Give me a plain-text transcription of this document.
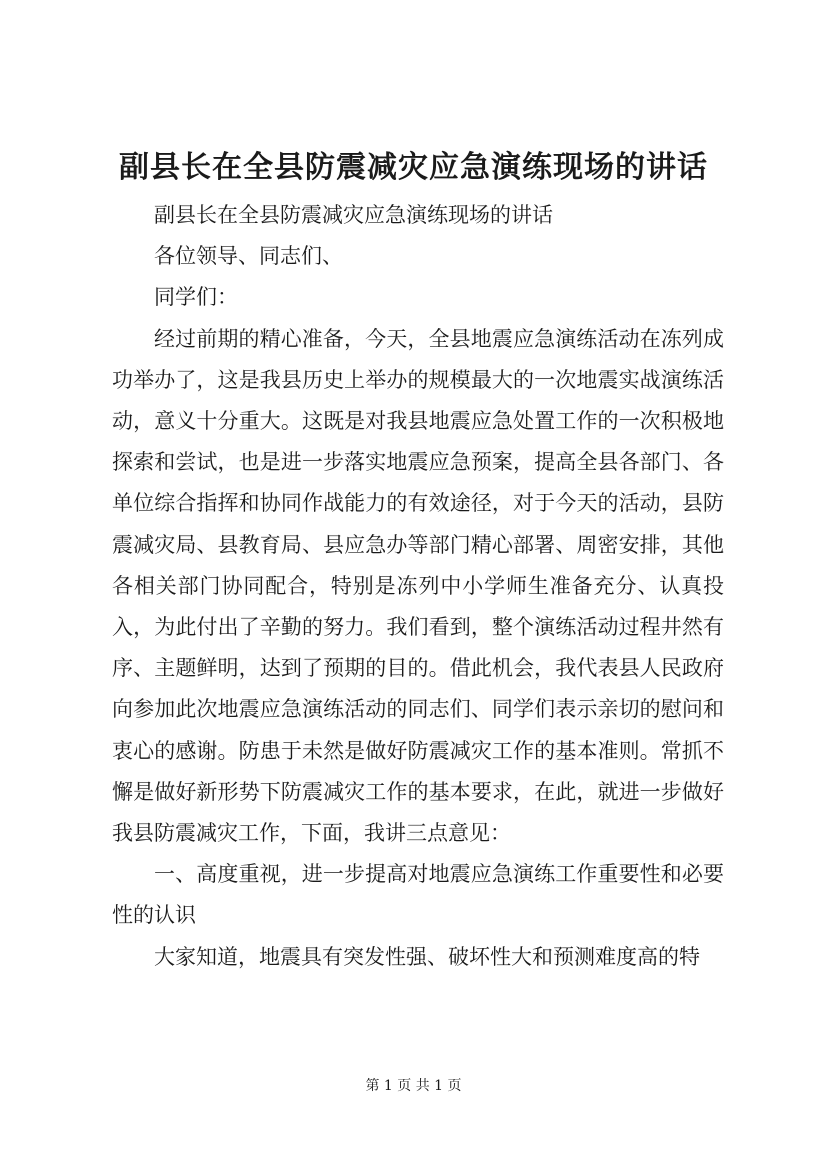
副县长在全县防震减灾应急演练现场的讲话

副县长在全县防震减灾应急演练现场的讲话

各位领导、同志们、

同学们：

经过前期的精心准备，今天，全县地震应急演练活动在冻列成功举办了，这是我县历史上举办的规模最大的一次地震实战演练活动，意义十分重大。这既是对我县地震应急处置工作的一次积极地探索和尝试，也是进一步落实地震应急预案，提高全县各部门、各单位综合指挥和协同作战能力的有效途径，对于今天的活动，县防震减灾局、县教育局、县应急办等部门精心部署、周密安排，其他各相关部门协同配合，特别是冻列中小学师生准备充分、认真投入，为此付出了辛勤的努力。我们看到，整个演练活动过程井然有序、主题鲜明，达到了预期的目的。借此机会，我代表县人民政府向参加此次地震应急演练活动的同志们、同学们表示亲切的慰问和衷心的感谢。防患于未然是做好防震减灾工作的基本准则。常抓不懈是做好新形势下防震减灾工作的基本要求，在此，就进一步做好我县防震减灾工作，下面，我讲三点意见：

一、高度重视，进一步提高对地震应急演练工作重要性和必要性的认识

大家知道，地震具有突发性强、破坏性大和预测难度高的特

第 1 页 共 1 页
